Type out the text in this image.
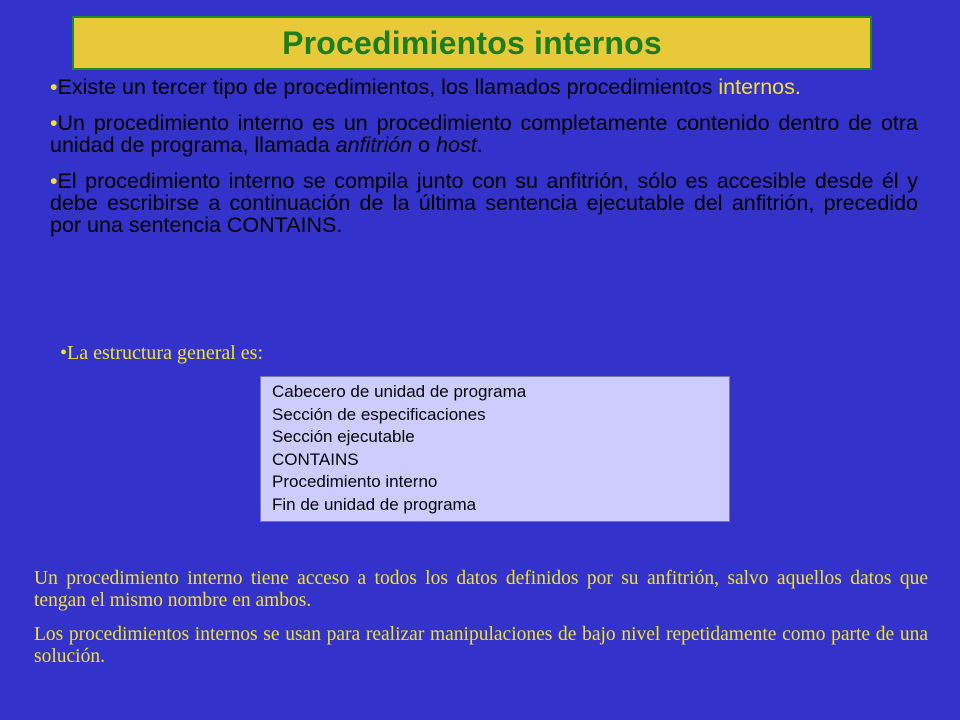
Procedimientos internos

•Existe un tercer tipo de procedimientos, los llamados procedimientos internos.

•Un procedimiento interno es un procedimiento completamente contenido dentro de otra unidad de programa, llamada anfitrión o host.

•El procedimiento interno se compila junto con su anfitrión, sólo es accesible desde él y debe escribirse a continuación de la última sentencia ejecutable del anfitrión, precedido por una sentencia CONTAINS.

•La estructura general es:
Cabecero de unidad de programa
Sección de especificaciones
Sección ejecutable
CONTAINS
Procedimiento interno
Fin de unidad de programa

Un procedimiento interno tiene acceso a todos los datos definidos por su anfitrión, salvo aquellos datos que tengan el mismo nombre en ambos.

Los procedimientos internos se usan para realizar manipulaciones de bajo nivel repetidamente como parte de una solución.
